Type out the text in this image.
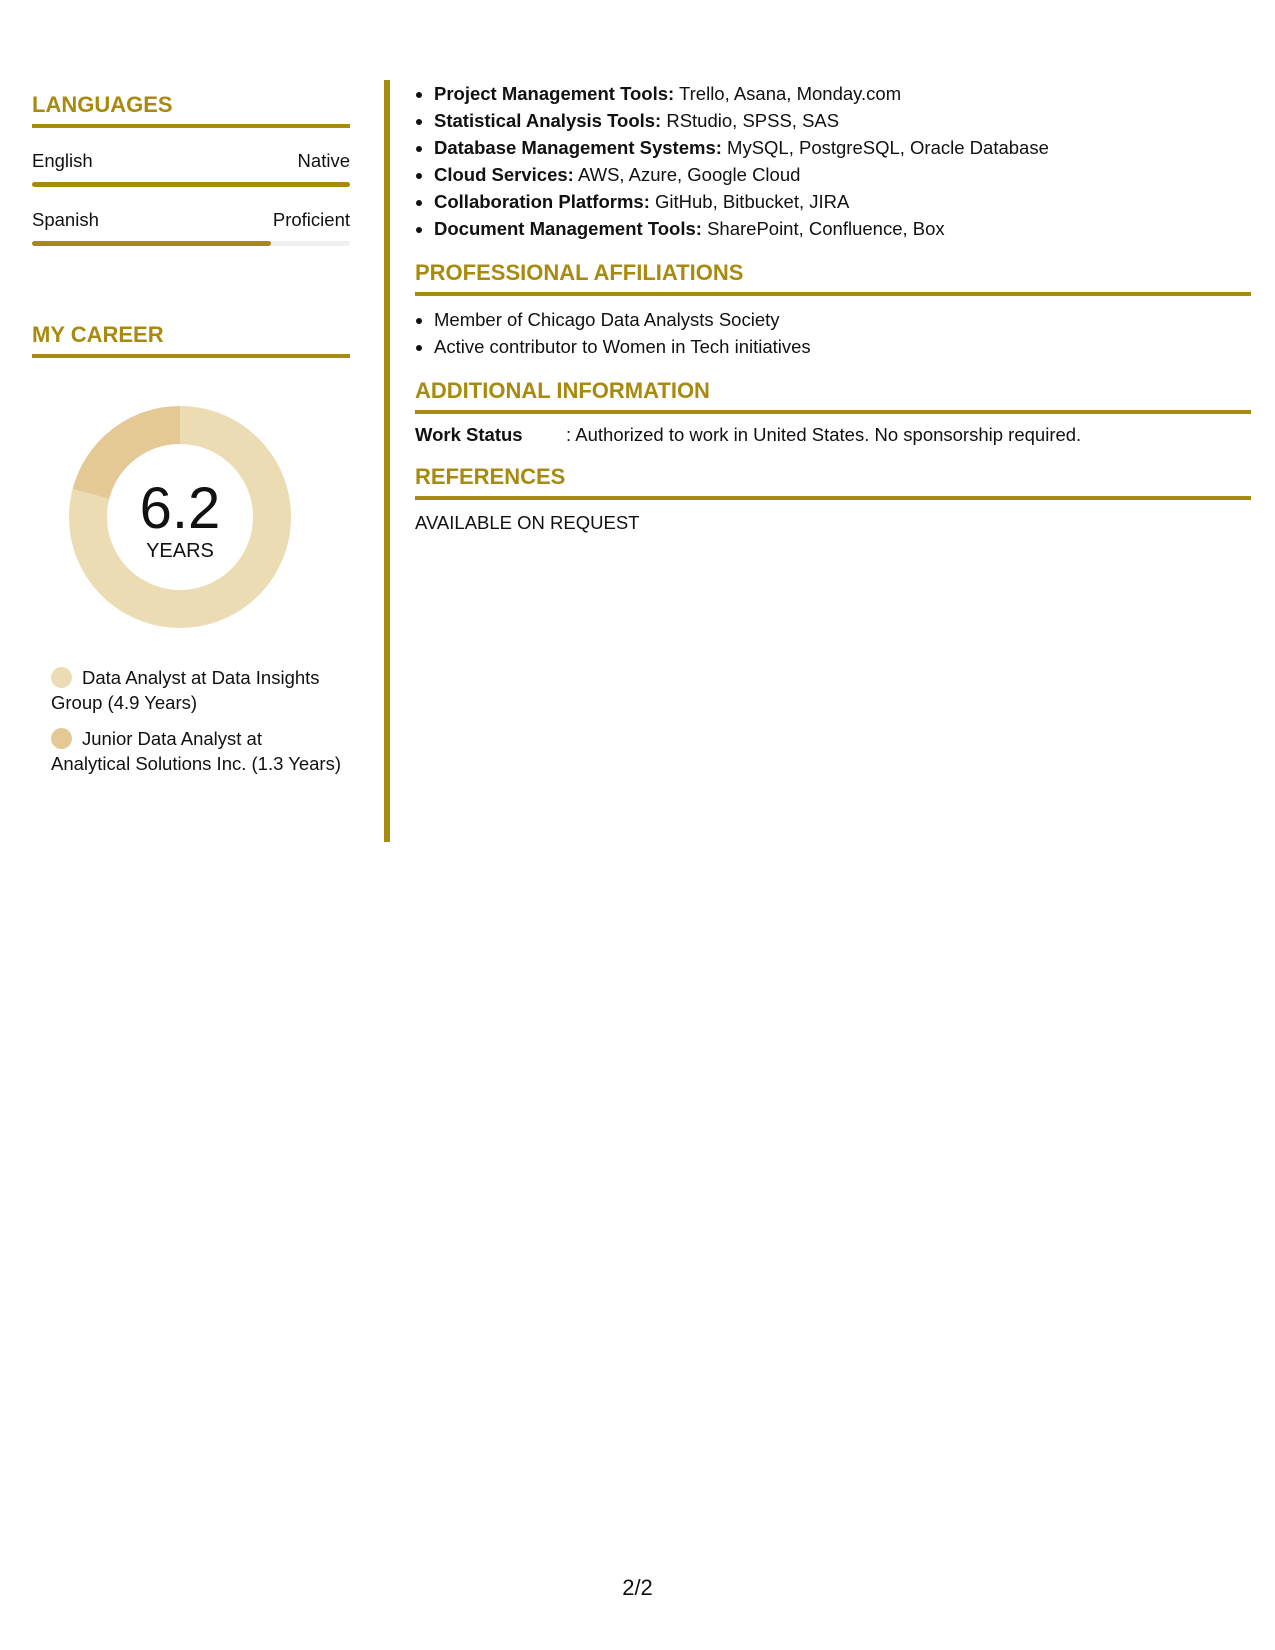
LANGUAGES
English	Native
Spanish	Proficient
MY CAREER
6.2
YEARS
Data Analyst at Data Insights Group (4.9 Years)
Junior Data Analyst at Analytical Solutions Inc. (1.3 Years)
• Project Management Tools: Trello, Asana, Monday.com
• Statistical Analysis Tools: RStudio, SPSS, SAS
• Database Management Systems: MySQL, PostgreSQL, Oracle Database
• Cloud Services: AWS, Azure, Google Cloud
• Collaboration Platforms: GitHub, Bitbucket, JIRA
• Document Management Tools: SharePoint, Confluence, Box
PROFESSIONAL AFFILIATIONS
• Member of Chicago Data Analysts Society
• Active contributor to Women in Tech initiatives
ADDITIONAL INFORMATION
Work Status	: Authorized to work in United States. No sponsorship required.
REFERENCES
AVAILABLE ON REQUEST
2/2
